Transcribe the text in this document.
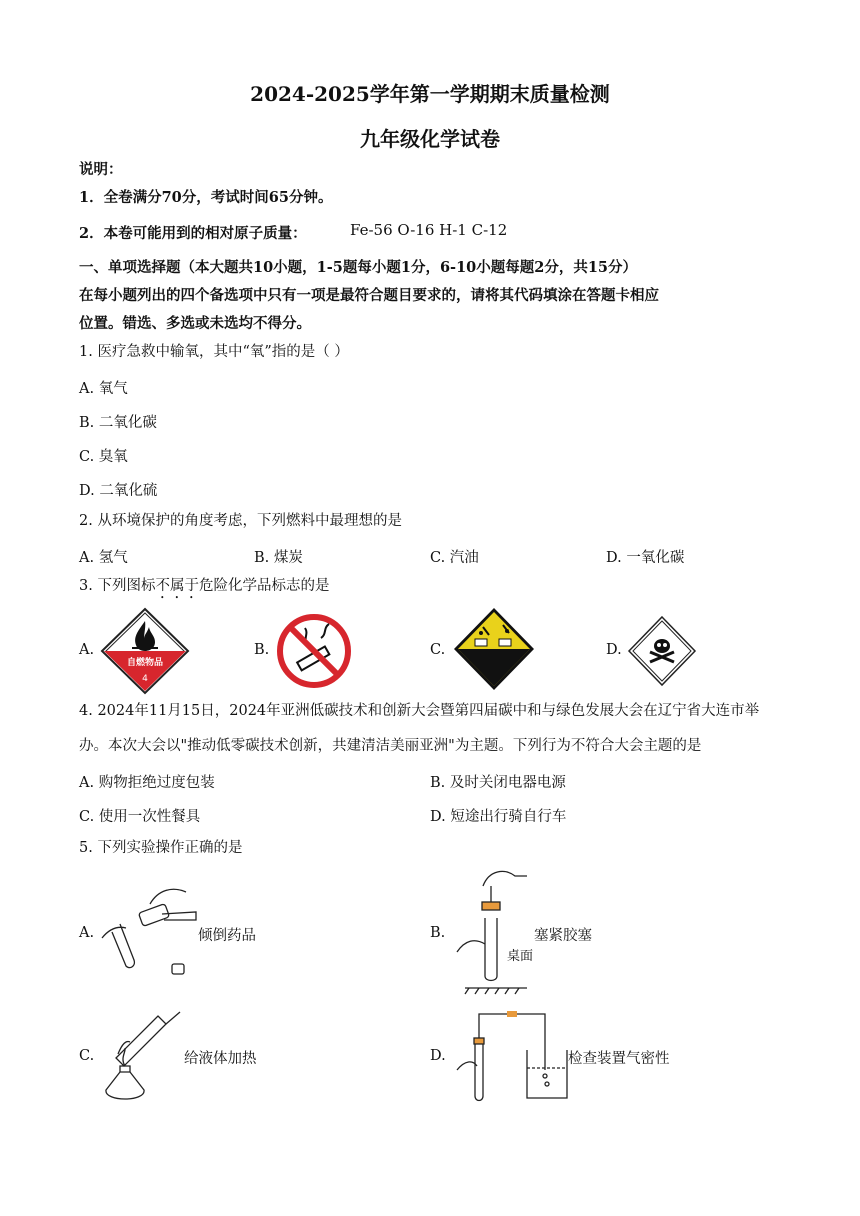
2024-2025学年第一学期期末质量检测
九年级化学试卷
说明：
1．全卷满分70分，考试时间65分钟。
2．本卷可能用到的相对原子质量：	Fe-56 O-16 H-1 C-12
一、单项选择题（本大题共10小题，1-5题每小题1分，6-10小题每题2分，共15分）
在每小题列出的四个备选项中只有一项是最符合题目要求的，请将其代码填涂在答题卡相应
位置。错选、多选或未选均不得分。
1. 医疗急救中输氧，其中“氧”指的是（ ）
A. 氧气
B. 二氧化碳
C. 臭氧
D. 二氧化硫
2. 从环境保护的角度考虑，下列燃料中最理想的是
A. 氢气	B. 煤炭	C. 汽油	D. 一氧化碳
3. 下列图标不属于危险化学品标志的是
A.	B.	C.	D.
自燃物品
4
4. 2024年11月15日，2024年亚洲低碳技术和创新大会暨第四届碳中和与绿色发展大会在辽宁省大连市举
办。本次大会以"推动低零碳技术创新，共建清洁美丽亚洲"为主题。下列行为不符合大会主题的是
A. 购物拒绝过度包装	B. 及时关闭电器电源
C. 使用一次性餐具	D. 短途出行骑自行车
5. 下列实验操作正确的是
A.	B.
C.	D.
倾倒药品	塞紧胶塞
给液体加热	检查装置气密性
桌面
